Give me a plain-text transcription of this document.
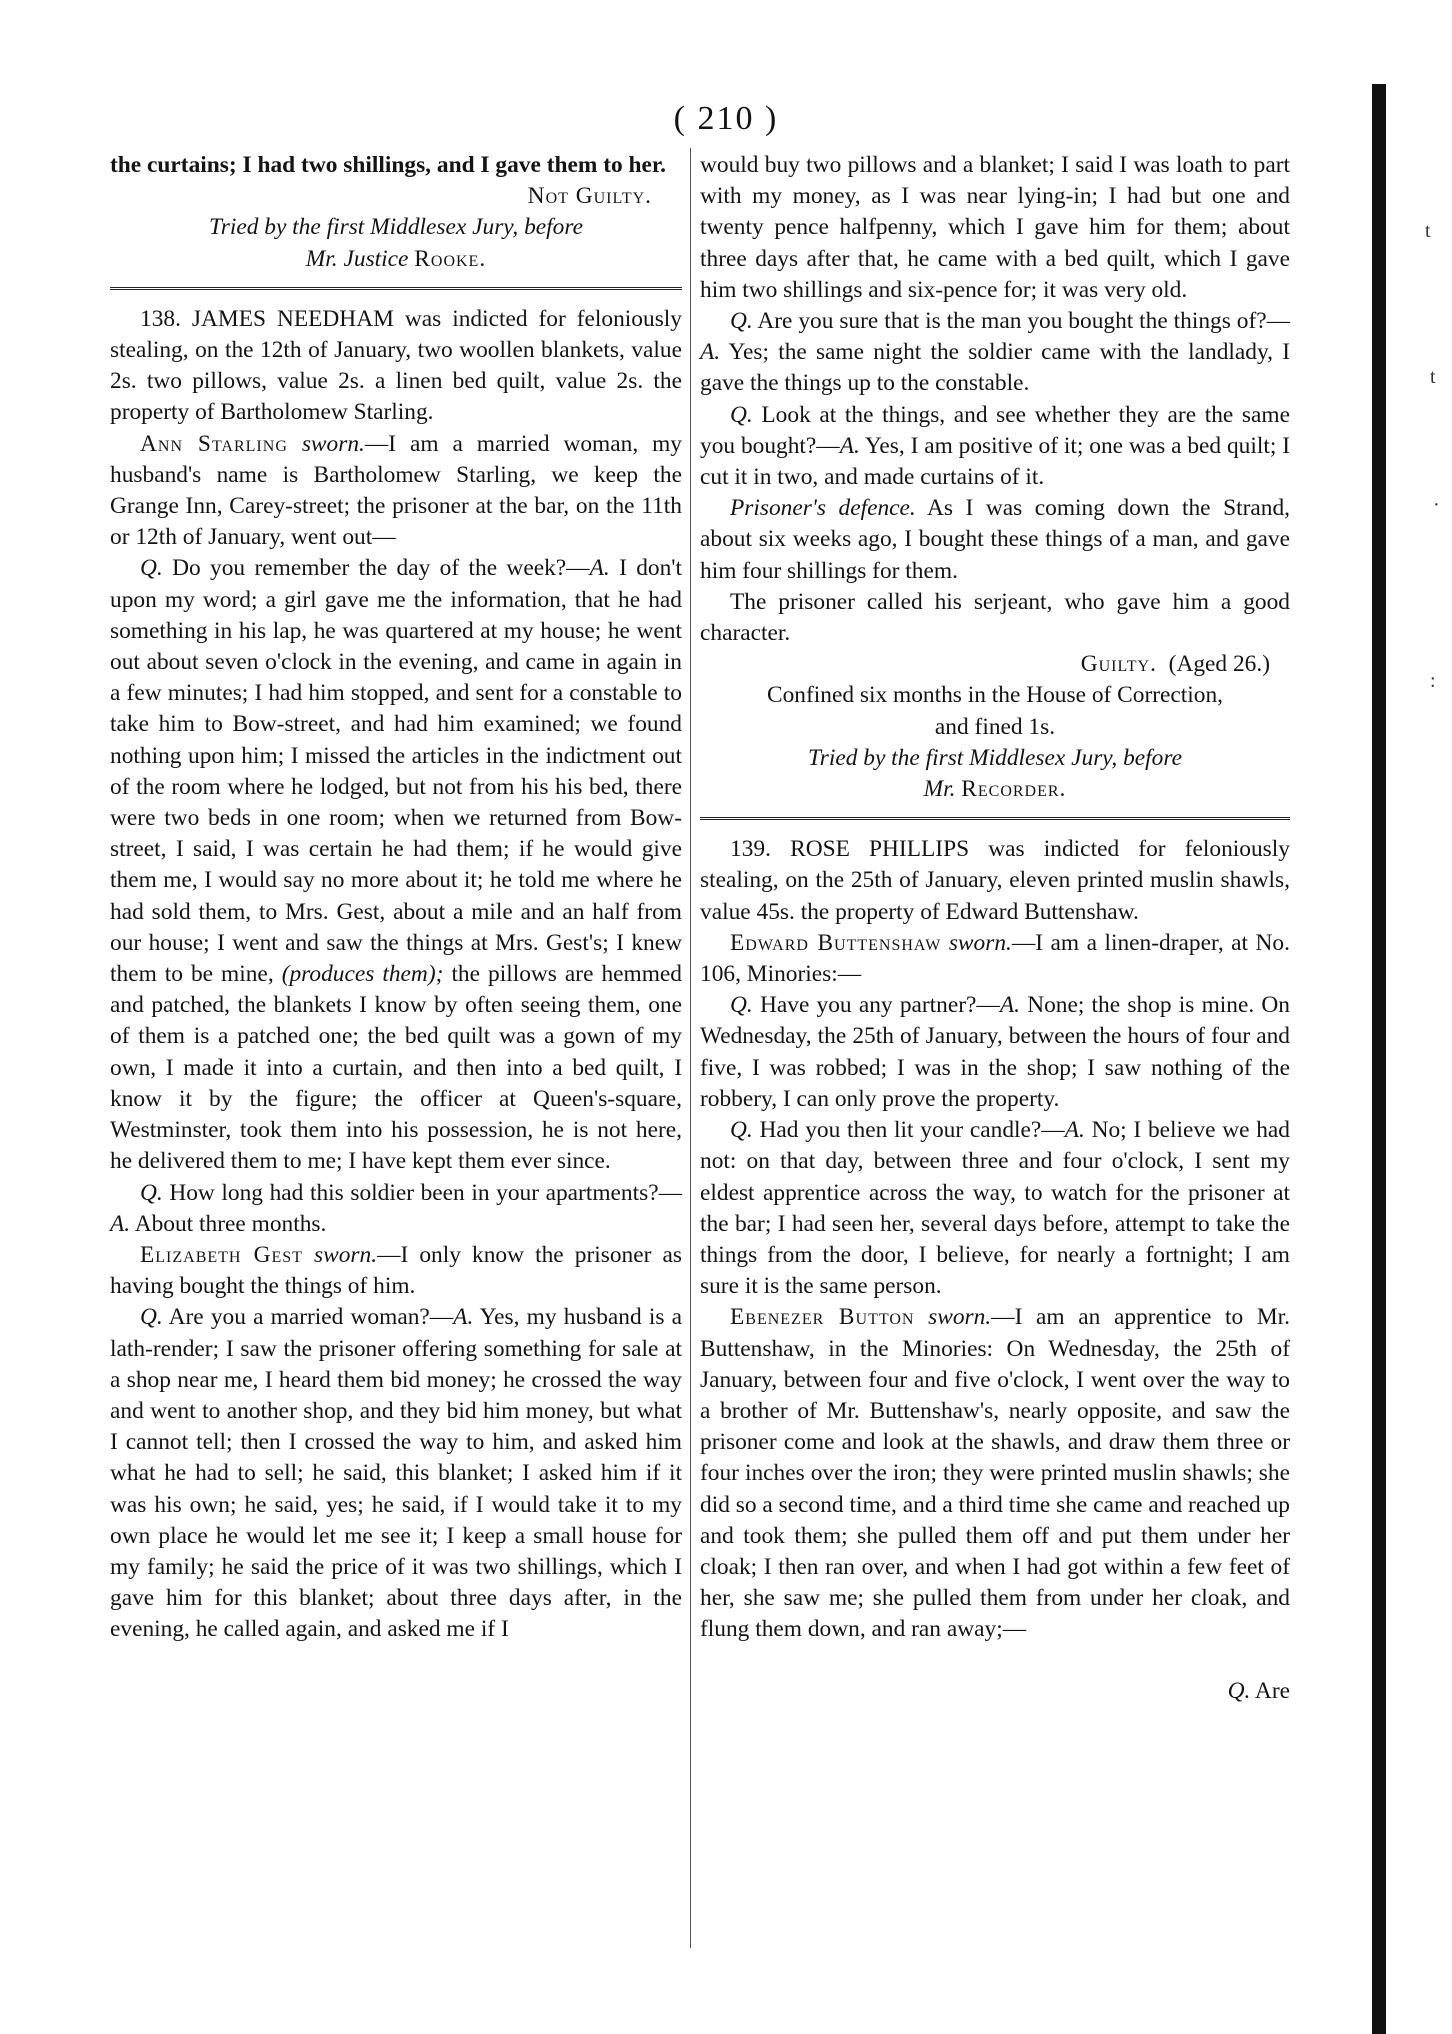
( 210 )
t
t
·
:

the curtains; I had two shillings, and I gave them to her.

Not Guilty.

Tried by the first Middlesex Jury, before

Mr. Justice Rooke.

138. JAMES NEEDHAM was indicted for feloniously stealing, on the 12th of January, two woollen blankets, value 2s. two pillows, value 2s. a linen bed quilt, value 2s. the property of Bartholomew Starling.

Ann Starling sworn.—I am a married woman, my husband's name is Bartholomew Starling, we keep the Grange Inn, Carey-street; the prisoner at the bar, on the 11th or 12th of January, went out—

Q. Do you remember the day of the week?—A. I don't upon my word; a girl gave me the information, that he had something in his lap, he was quartered at my house; he went out about seven o'clock in the evening, and came in again in a few minutes; I had him stopped, and sent for a constable to take him to Bow-street, and had him examined; we found nothing upon him; I missed the articles in the indictment out of the room where he lodged, but not from his his bed, there were two beds in one room; when we returned from Bow-street, I said, I was certain he had them; if he would give them me, I would say no more about it; he told me where he had sold them, to Mrs. Gest, about a mile and an half from our house; I went and saw the things at Mrs. Gest's; I knew them to be mine, (produces them); the pillows are hemmed and patched, the blankets I know by often seeing them, one of them is a patched one; the bed quilt was a gown of my own, I made it into a curtain, and then into a bed quilt, I know it by the figure; the officer at Queen's-square, Westminster, took them into his possession, he is not here, he delivered them to me; I have kept them ever since.

Q. How long had this soldier been in your apartments?—A. About three months.

Elizabeth Gest sworn.—I only know the prisoner as having bought the things of him.

Q. Are you a married woman?—A. Yes, my husband is a lath-render; I saw the prisoner offering something for sale at a shop near me, I heard them bid money; he crossed the way and went to another shop, and they bid him money, but what I cannot tell; then I crossed the way to him, and asked him what he had to sell; he said, this blanket; I asked him if it was his own; he said, yes; he said, if I would take it to my own place he would let me see it; I keep a small house for my family; he said the price of it was two shillings, which I gave him for this blanket; about three days after, in the evening, he called again, and asked me if I

would buy two pillows and a blanket; I said I was loath to part with my money, as I was near lying-in; I had but one and twenty pence halfpenny, which I gave him for them; about three days after that, he came with a bed quilt, which I gave him two shillings and six-pence for; it was very old.

Q. Are you sure that is the man you bought the things of?—A. Yes; the same night the soldier came with the landlady, I gave the things up to the constable.

Q. Look at the things, and see whether they are the same you bought?—A. Yes, I am positive of it; one was a bed quilt; I cut it in two, and made curtains of it.

Prisoner's defence. As I was coming down the Strand, about six weeks ago, I bought these things of a man, and gave him four shillings for them.

The prisoner called his serjeant, who gave him a good character.

Guilty. (Aged 26.)

Confined six months in the House of Correction,

and fined 1s.

Tried by the first Middlesex Jury, before

Mr. Recorder.

139. ROSE PHILLIPS was indicted for feloniously stealing, on the 25th of January, eleven printed muslin shawls, value 45s. the property of Edward Buttenshaw.

Edward Buttenshaw sworn.—I am a linen-draper, at No. 106, Minories:—

Q. Have you any partner?—A. None; the shop is mine. On Wednesday, the 25th of January, between the hours of four and five, I was robbed; I was in the shop; I saw nothing of the robbery, I can only prove the property.

Q. Had you then lit your candle?—A. No; I believe we had not: on that day, between three and four o'clock, I sent my eldest apprentice across the way, to watch for the prisoner at the bar; I had seen her, several days before, attempt to take the things from the door, I believe, for nearly a fortnight; I am sure it is the same person.

Ebenezer Button sworn.—I am an apprentice to Mr. Buttenshaw, in the Minories: On Wednesday, the 25th of January, between four and five o'clock, I went over the way to a brother of Mr. Buttenshaw's, nearly opposite, and saw the prisoner come and look at the shawls, and draw them three or four inches over the iron; they were printed muslin shawls; she did so a second time, and a third time she came and reached up and took them; she pulled them off and put them under her cloak; I then ran over, and when I had got within a few feet of her, she saw me; she pulled them from under her cloak, and flung them down, and ran away;—

Q. Are
